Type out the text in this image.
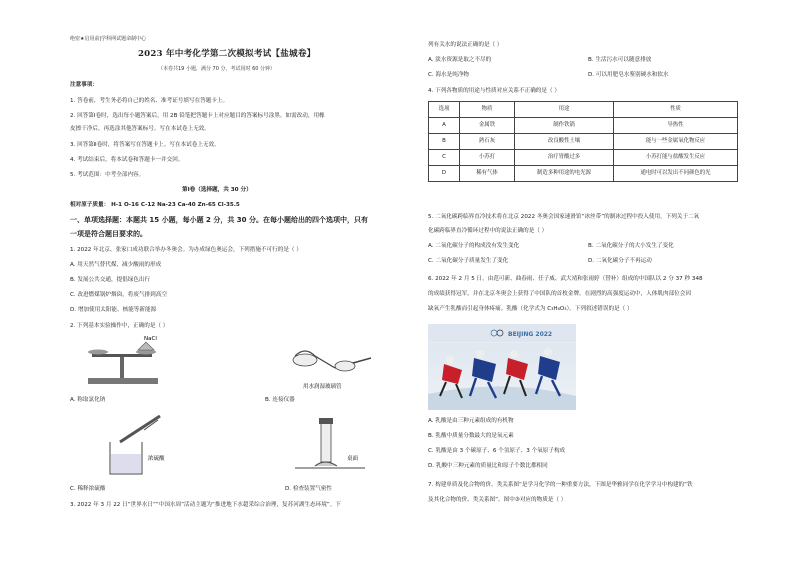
绝密★启用前|学科网试题命制中心
2023 年中考化学第二次模拟考试【盐城卷】
（本卷共19 小题，满分 70 分，考试用时 60 分钟）
注意事项：
1. 答卷前，考生务必将自己的姓名、准考证号填写在答题卡上。
2. 回答第Ⅰ卷时，选出每小题答案后，用 2B 铅笔把答题卡上对应题目的答案标号涂黑。如需改动，用橡
皮擦干净后，再选涂其他答案标号。写在本试卷上无效。
3. 回答第Ⅱ卷时，将答案写在答题卡上。写在本试卷上无效。
4. 考试结束后，将本试卷和答题卡一并交回。
5. 考试范围：中考全部内容。
第Ⅰ卷（选择题，共 30 分）
相对原子质量： H-1 O-16 C-12 Na-23 Ca-40 Zn-65 Cl-35.5
一、单项选择题：本题共 15 小题，每小题 2 分，共 30 分。在每小题给出的四个选项中，只有
一项是符合题目要求的。
1. 2022 年北京、张家口成功联合举办冬奥会。为办成绿色奥运会，下列措施不可行的是（ ）
A. 用天然气替代煤，减少酸雨的形成
B. 发展公共交通，提倡绿色出行
C. 改进燃煤锅炉烟囱，将废气排到高空
D. 增加使用太阳能、核能等新能源
2. 下列基本实验操作中，正确的是（ ）
NaCl
用水润湿玻璃管
A. 称取氯化钠	B. 连接仪器
浓硫酸	桌面
C. 稀释浓硫酸	D. 检查装置气密性
3. 2022 年 3 月 22 日“世界水日”“中国水周”活动主题为“推进地下水超采综合治理，复苏河湖生态环境”。下
列有关水的说法正确的是（ ）
A. 淡水资源是取之不尽的	B. 生活污水可以随意排放
C. 海水是纯净物	D. 可以用肥皂水鉴别硬水和软水
4. 下列各物质的用途与性质对应关系不正确的是（ ）
选项	物质	用途	性质
A	金属铁	制作铁锅	导热性
B	熟石灰	改良酸性土壤	能与一些金属氧化物反应
C	小苏打	治疗胃酸过多	小苏打能与盐酸发生反应
D	稀有气体	制造多种用途的电光源	通电时可以发出不同颜色的光
5. 二氧化碳跨临界直冷技术将在北京 2022 冬奥会国家速滑馆“冰丝带”的制冰过程中投入使用，下列关于二氧
化碳跨临界直冷循环过程中的说法正确的是（ ）
A. 二氧化碳分子的构成没有发生变化	B. 二氧化碳分子的大小发生了变化
C. 二氧化碳分子质量发生了变化	D. 二氧化碳分子不再运动
6. 2022 年 2 月 5 日，由范可新、曲春雨、任子威、武大靖和张雨婷（替补）组成的中国队以 2 分 37 秒 348
的成绩获得冠军，并在北京冬奥会上获得了中国队的首枚金牌。在剧烈的高强度运动中，人体肌肉部位会因
缺氧产生乳酸而引起身体疼痛。乳酸（化学式为 C₃H₆O₃）。下列叙述错误的是（ ）
BEIJING 2022
A. 乳酸是由三种元素组成的有机物
B. 乳酸中质量分数最大的是氧元素
C. 乳酸是由 3 个碳原子、6 个氢原子、3 个氧原子构成
D. 乳酸中三种元素的质量比和原子个数比都相同
7. 构建单质及化合物的价、类关系图“是学习化学的一种重要方法，下图是华雅同学在化学学习中构建的“铁
及其化合物的价、类关系图”。图中③对应的物质是（ ）
